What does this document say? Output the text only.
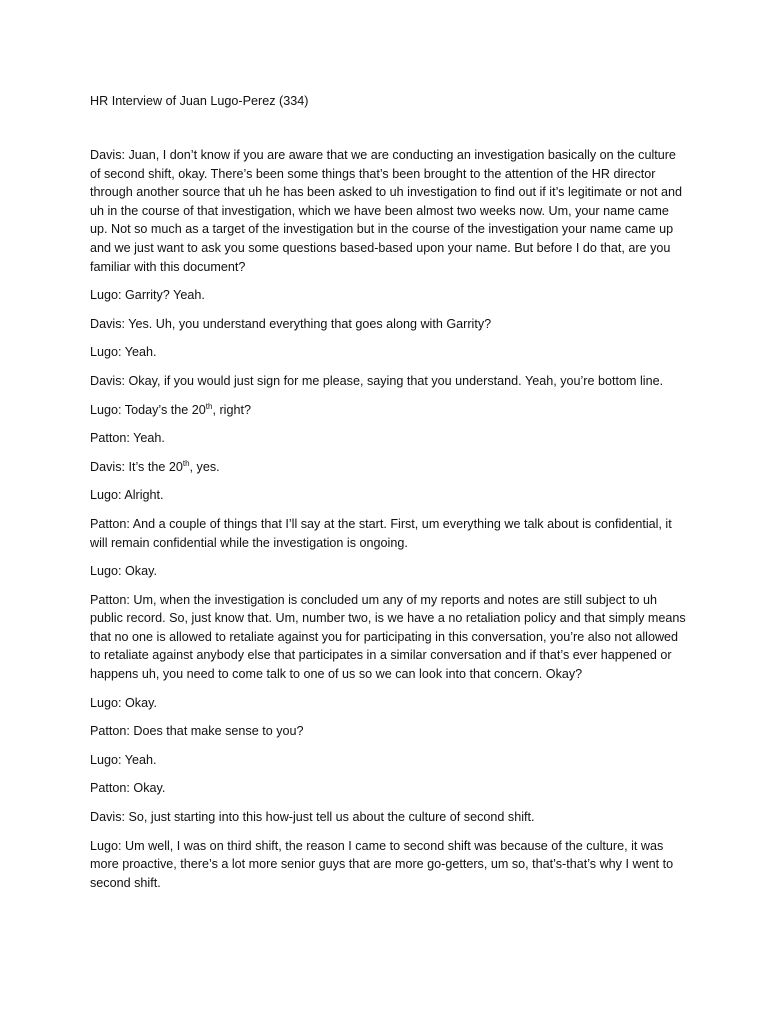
HR Interview of Juan Lugo-Perez (334)

Davis: Juan, I don’t know if you are aware that we are conducting an investigation basically on the culture of second shift, okay. There’s been some things that’s been brought to the attention of the HR director through another source that uh he has been asked to uh investigation to find out if it’s legitimate or not and uh in the course of that investigation, which we have been almost two weeks now. Um, your name came up. Not so much as a target of the investigation but in the course of the investigation your name came up and we just want to ask you some questions based-based upon your name. But before I do that, are you familiar with this document?

Lugo: Garrity? Yeah.

Davis: Yes. Uh, you understand everything that goes along with Garrity?

Lugo: Yeah.

Davis: Okay, if you would just sign for me please, saying that you understand. Yeah, you’re bottom line.

Lugo: Today’s the 20th, right?

Patton: Yeah.

Davis: It’s the 20th, yes.

Lugo: Alright.

Patton: And a couple of things that I’ll say at the start. First, um everything we talk about is confidential, it will remain confidential while the investigation is ongoing.

Lugo: Okay.

Patton: Um, when the investigation is concluded um any of my reports and notes are still subject to uh public record. So, just know that. Um, number two, is we have a no retaliation policy and that simply means that no one is allowed to retaliate against you for participating in this conversation, you’re also not allowed to retaliate against anybody else that participates in a similar conversation and if that’s ever happened or happens uh, you need to come talk to one of us so we can look into that concern. Okay?

Lugo: Okay.

Patton: Does that make sense to you?

Lugo: Yeah.

Patton: Okay.

Davis: So, just starting into this how-just tell us about the culture of second shift.

Lugo: Um well, I was on third shift, the reason I came to second shift was because of the culture, it was more proactive, there’s a lot more senior guys that are more go-getters, um so, that’s-that’s why I went to second shift.
